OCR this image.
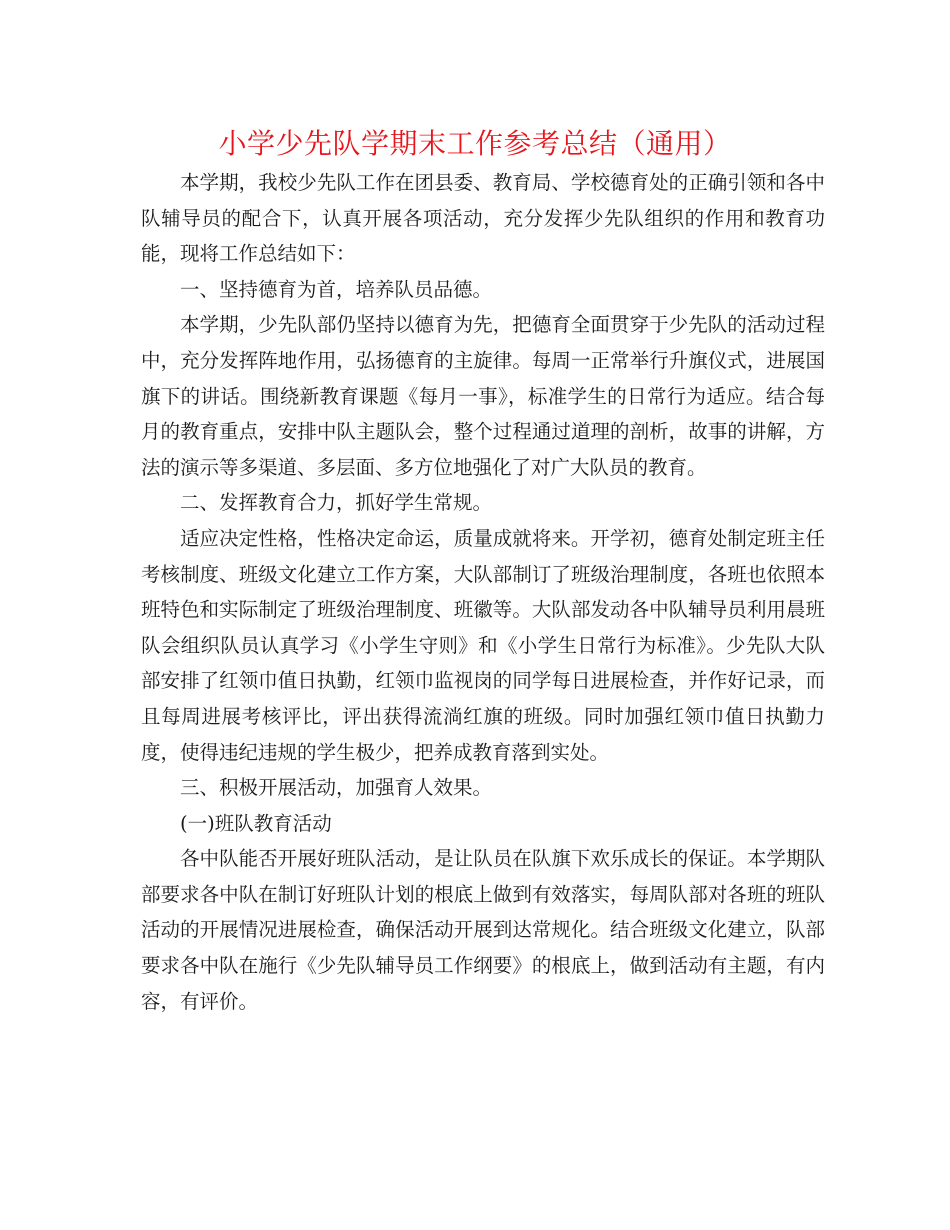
小学少先队学期末工作参考总结（通用）

本学期，我校少先队工作在团县委、教育局、学校德育处的正确引领和各中队辅导员的配合下，认真开展各项活动，充分发挥少先队组织的作用和教育功能，现将工作总结如下：

一、坚持德育为首，培养队员品德。

本学期，少先队部仍坚持以德育为先，把德育全面贯穿于少先队的活动过程中，充分发挥阵地作用，弘扬德育的主旋律。每周一正常举行升旗仪式，进展国旗下的讲话。围绕新教育课题《每月一事》，标准学生的日常行为适应。结合每月的教育重点，安排中队主题队会，整个过程通过道理的剖析，故事的讲解，方法的演示等多渠道、多层面、多方位地强化了对广大队员的教育。

二、发挥教育合力，抓好学生常规。

适应决定性格，性格决定命运，质量成就将来。开学初，德育处制定班主任考核制度、班级文化建立工作方案，大队部制订了班级治理制度，各班也依照本班特色和实际制定了班级治理制度、班徽等。大队部发动各中队辅导员利用晨班队会组织队员认真学习《小学生守则》和《小学生日常行为标准》。少先队大队部安排了红领巾值日执勤，红领巾监视岗的同学每日进展检查，并作好记录，而且每周进展考核评比，评出获得流淌红旗的班级。同时加强红领巾值日执勤力度，使得违纪违规的学生极少，把养成教育落到实处。

三、积极开展活动，加强育人效果。

(一)班队教育活动

各中队能否开展好班队活动，是让队员在队旗下欢乐成长的保证。本学期队部要求各中队在制订好班队计划的根底上做到有效落实，每周队部对各班的班队活动的开展情况进展检查，确保活动开展到达常规化。结合班级文化建立，队部要求各中队在施行《少先队辅导员工作纲要》的根底上，做到活动有主题，有内容，有评价。
